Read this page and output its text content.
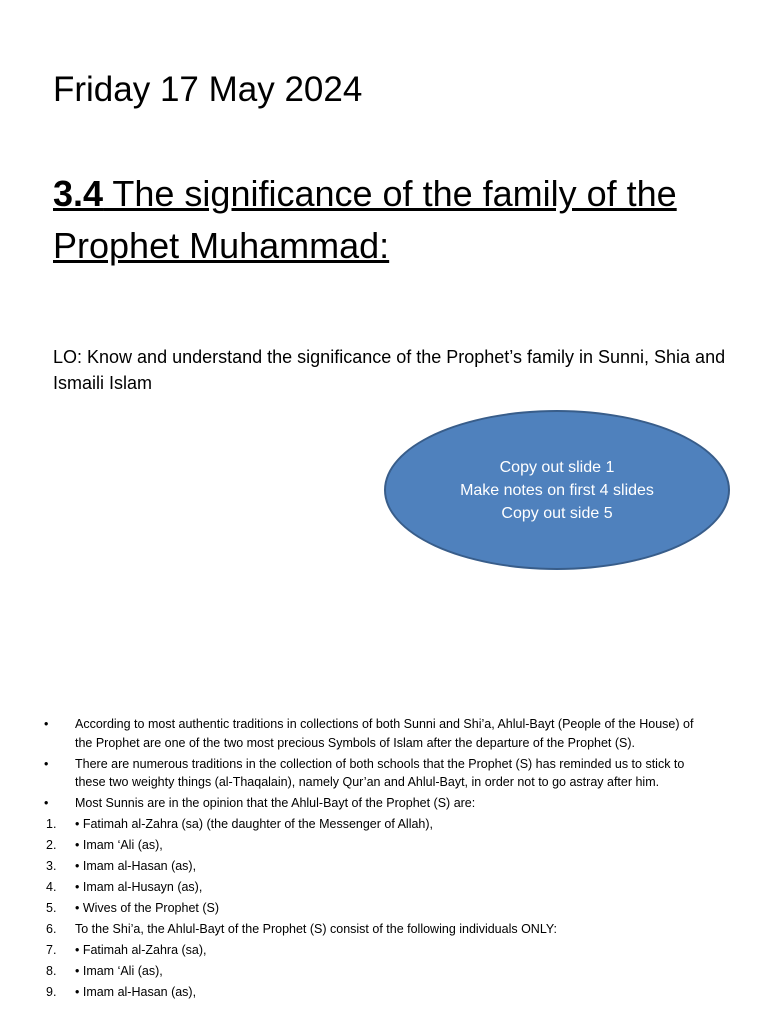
Friday 17 May 2024
3.4 The significance of the family of the Prophet Muhammad:
LO: Know and understand the significance of the Prophet’s family in Sunni, Shia and Ismaili Islam
Copy out slide 1
Make notes on first 4 slides
Copy out side 5
• According to most authentic traditions in collections of both Sunni and Shi’a, Ahlul-Bayt (People of the House) of the Prophet are one of the two most precious Symbols of Islam after the departure of the Prophet (S).
• There are numerous traditions in the collection of both schools that the Prophet (S) has reminded us to stick to these two weighty things (al-Thaqalain), namely Qur’an and Ahlul-Bayt, in order not to go astray after him.
• Most Sunnis are in the opinion that the Ahlul-Bayt of the Prophet (S) are:
1. • Fatimah al-Zahra (sa) (the daughter of the Messenger of Allah),
2. • Imam ‘Ali (as),
3. • Imam al-Hasan (as),
4. • Imam al-Husayn (as),
5. • Wives of the Prophet (S)
6. To the Shi’a, the Ahlul-Bayt of the Prophet (S) consist of the following individuals ONLY:
7. • Fatimah al-Zahra (sa),
8. • Imam ‘Ali (as),
9. • Imam al-Hasan (as),
